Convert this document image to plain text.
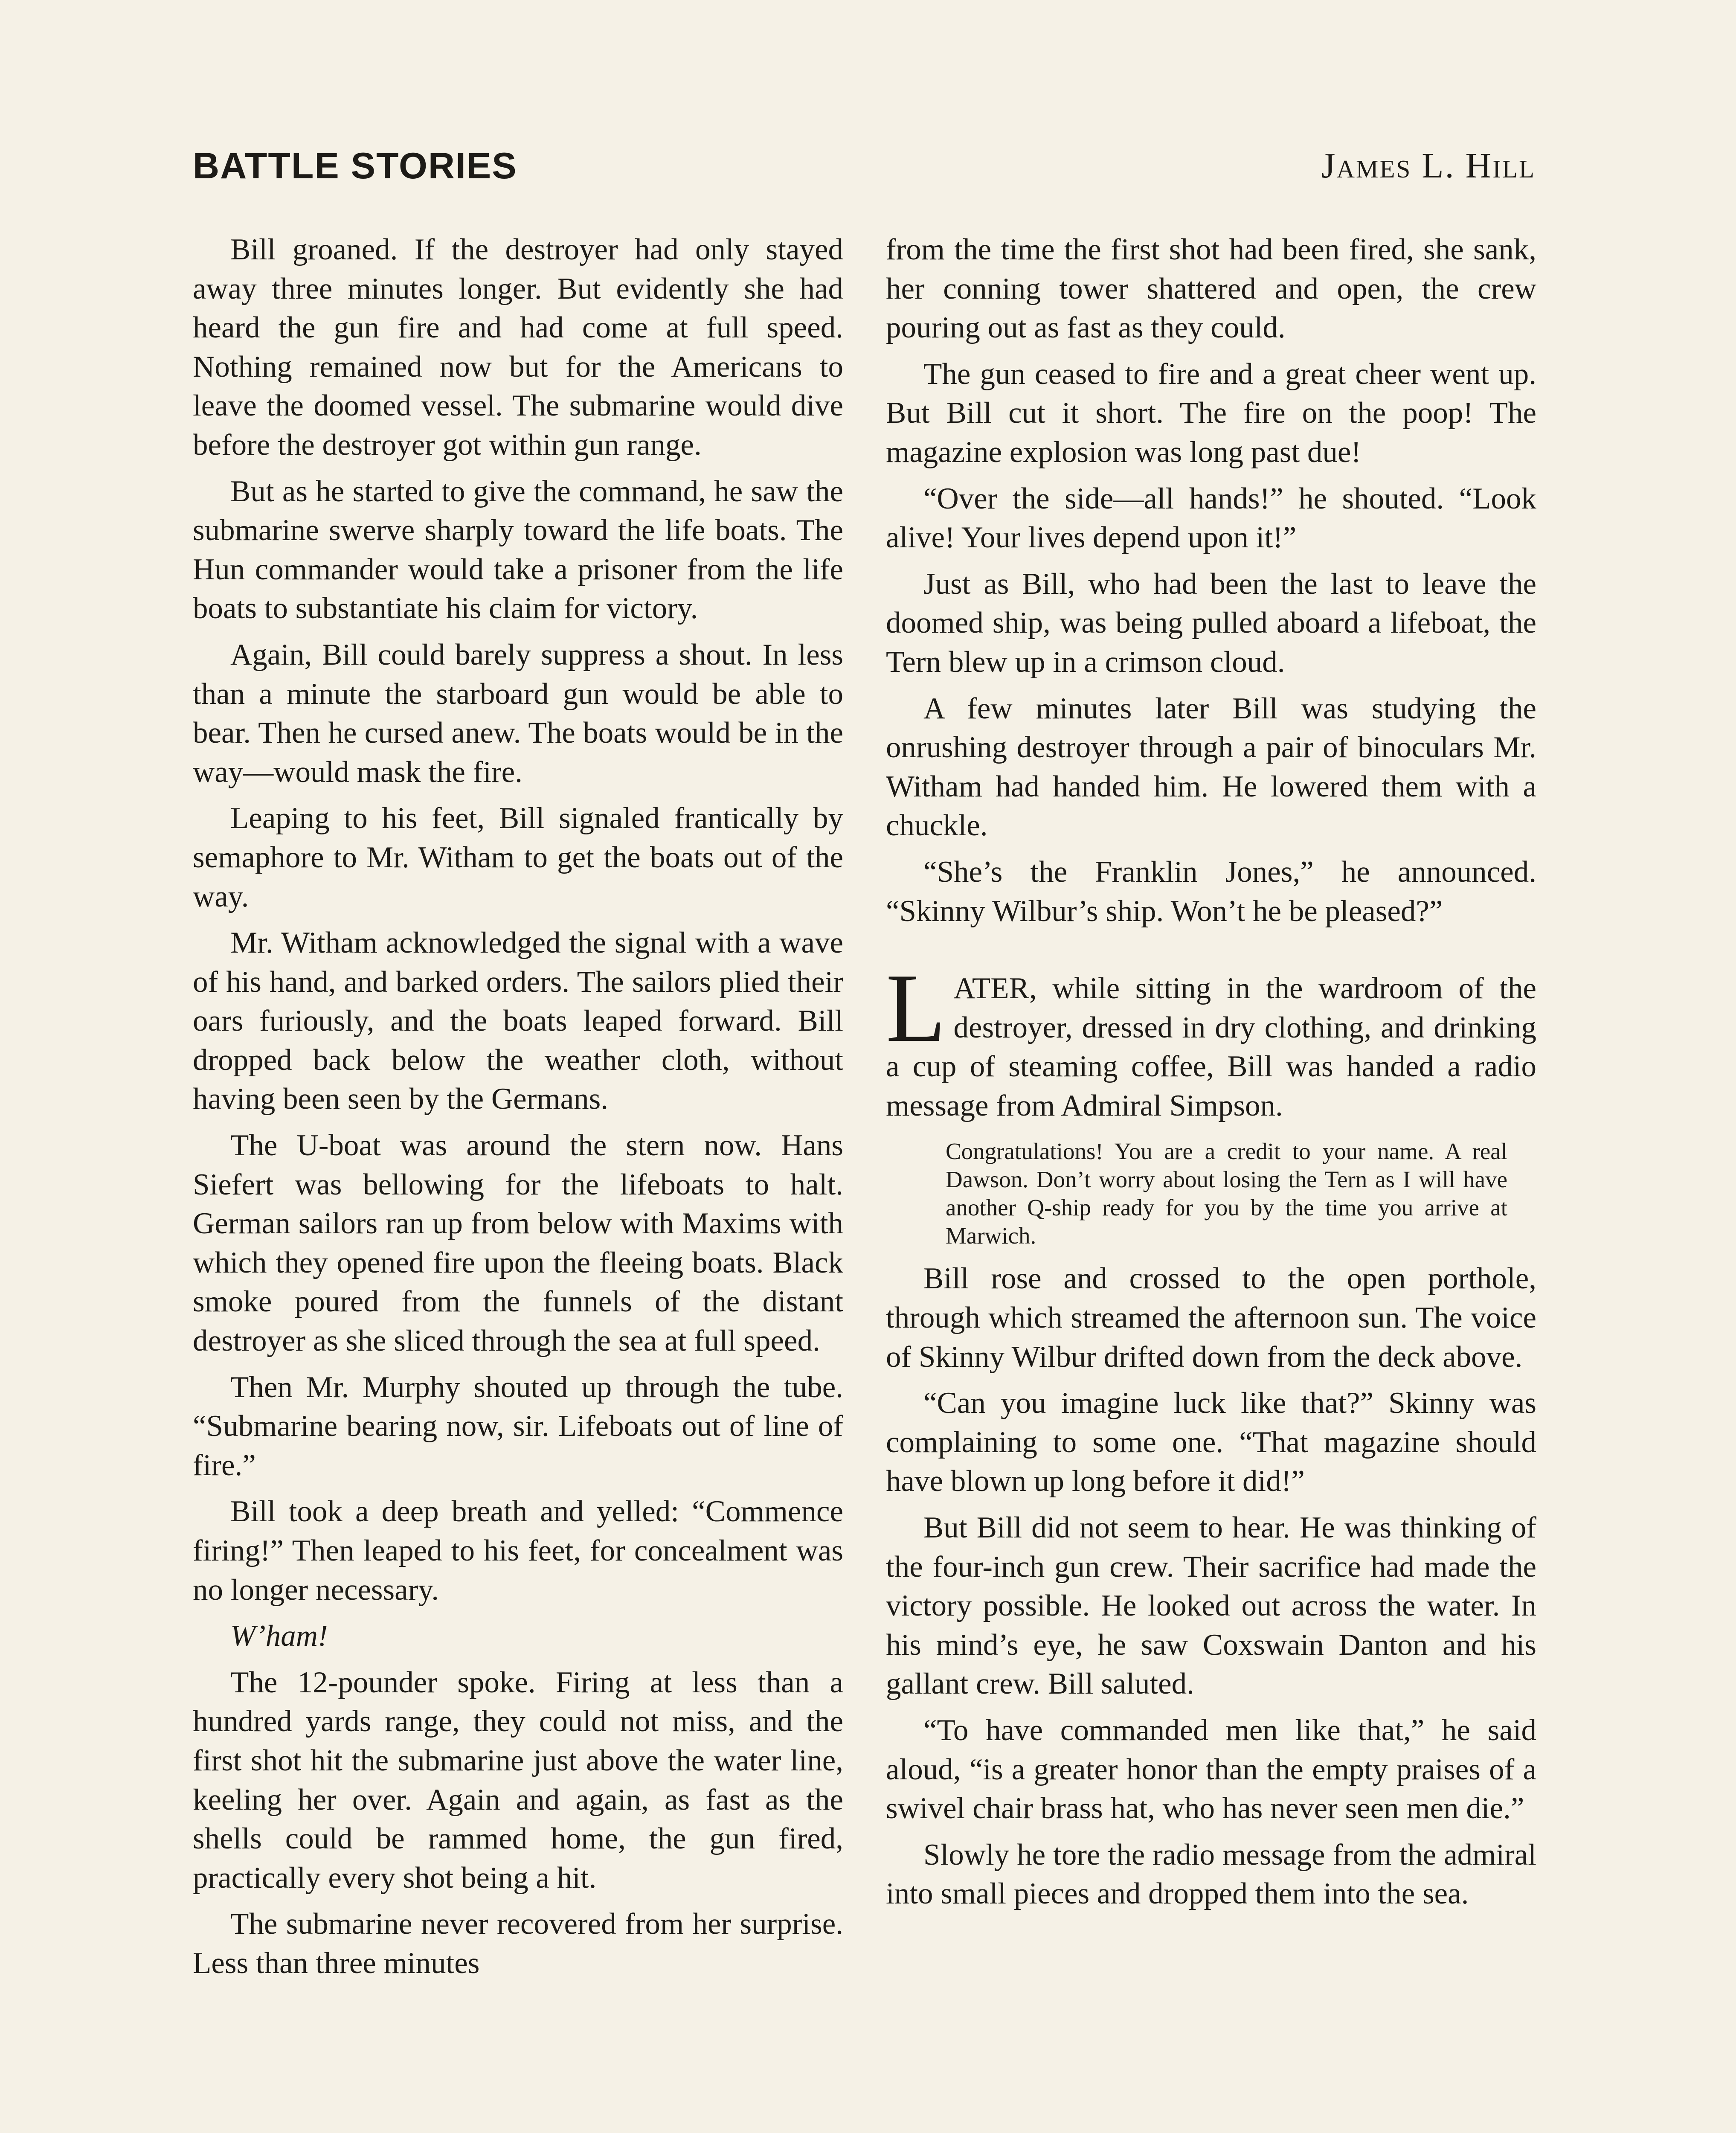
BATTLE STORIES	James L. Hill

Bill groaned. If the destroyer had only stayed away three minutes longer. But evidently she had heard the gun fire and had come at full speed. Nothing remained now but for the Americans to leave the doomed vessel. The submarine would dive before the destroyer got within gun range.

But as he started to give the command, he saw the submarine swerve sharply toward the life boats. The Hun commander would take a prisoner from the life boats to substantiate his claim for victory.

Again, Bill could barely suppress a shout. In less than a minute the starboard gun would be able to bear. Then he cursed anew. The boats would be in the way—would mask the fire.

Leaping to his feet, Bill signaled frantically by semaphore to Mr. Witham to get the boats out of the way.

Mr. Witham acknowledged the signal with a wave of his hand, and barked orders. The sailors plied their oars furiously, and the boats leaped forward. Bill dropped back below the weather cloth, without having been seen by the Germans.

The U-boat was around the stern now. Hans Siefert was bellowing for the lifeboats to halt. German sailors ran up from below with Maxims with which they opened fire upon the fleeing boats. Black smoke poured from the funnels of the distant destroyer as she sliced through the sea at full speed.

Then Mr. Murphy shouted up through the tube. “Submarine bearing now, sir. Lifeboats out of line of fire.”

Bill took a deep breath and yelled: “Commence firing!” Then leaped to his feet, for concealment was no longer necessary.

W’ham!

The 12-pounder spoke. Firing at less than a hundred yards range, they could not miss, and the first shot hit the submarine just above the water line, keeling her over. Again and again, as fast as the shells could be rammed home, the gun fired, practically every shot being a hit.

The submarine never recovered from her surprise. Less than three minutes

from the time the first shot had been fired, she sank, her conning tower shattered and open, the crew pouring out as fast as they could.

The gun ceased to fire and a great cheer went up. But Bill cut it short. The fire on the poop! The magazine explosion was long past due!

“Over the side—all hands!” he shouted. “Look alive! Your lives depend upon it!”

Just as Bill, who had been the last to leave the doomed ship, was being pulled aboard a lifeboat, the Tern blew up in a crimson cloud.

A few minutes later Bill was studying the onrushing destroyer through a pair of binoculars Mr. Witham had handed him. He lowered them with a chuckle.

“She’s the Franklin Jones,” he announced. “Skinny Wilbur’s ship. Won’t he be pleased?”

LATER, while sitting in the wardroom of the destroyer, dressed in dry clothing, and drinking a cup of steaming coffee, Bill was handed a radio message from Admiral Simpson.

Congratulations! You are a credit to your name. A real Dawson. Don’t worry about losing the Tern as I will have another Q-ship ready for you by the time you arrive at Marwich.

Bill rose and crossed to the open porthole, through which streamed the afternoon sun. The voice of Skinny Wilbur drifted down from the deck above.

“Can you imagine luck like that?” Skinny was complaining to some one. “That magazine should have blown up long before it did!”

But Bill did not seem to hear. He was thinking of the four-inch gun crew. Their sacrifice had made the victory possible. He looked out across the water. In his mind’s eye, he saw Coxswain Danton and his gallant crew. Bill saluted.

“To have commanded men like that,” he said aloud, “is a greater honor than the empty praises of a swivel chair brass hat, who has never seen men die.”

Slowly he tore the radio message from the admiral into small pieces and dropped them into the sea.
